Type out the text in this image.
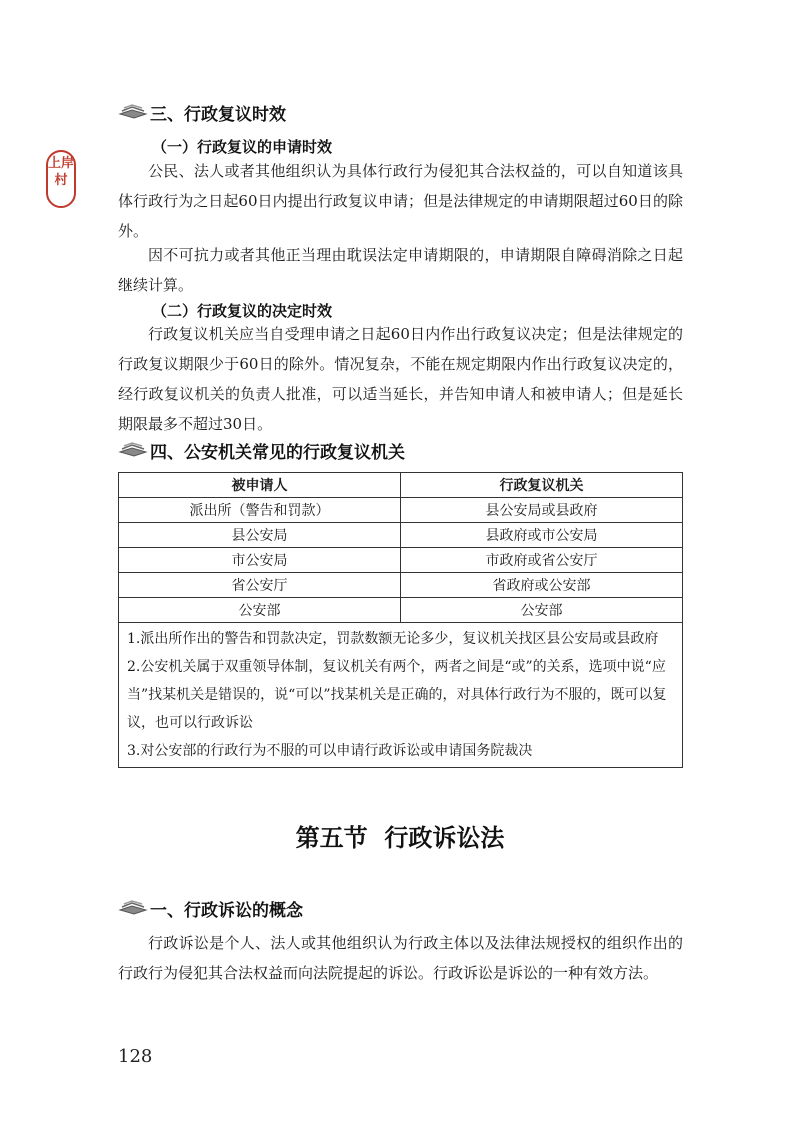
上岸村
三、行政复议时效
（一）行政复议的申请时效
公民、法人或者其他组织认为具体行政行为侵犯其合法权益的，可以自知道该具体行政行为之日起60日内提出行政复议申请；但是法律规定的申请期限超过60日的除外。
因不可抗力或者其他正当理由耽误法定申请期限的，申请期限自障碍消除之日起继续计算。
（二）行政复议的决定时效
行政复议机关应当自受理申请之日起60日内作出行政复议决定；但是法律规定的行政复议期限少于60日的除外。情况复杂，不能在规定期限内作出行政复议决定的，经行政复议机关的负责人批准，可以适当延长，并告知申请人和被申请人；但是延长期限最多不超过30日。
四、公安机关常见的行政复议机关
被申请人	行政复议机关
派出所（警告和罚款）	县公安局或县政府
县公安局	县政府或市公安局
市公安局	市政府或省公安厅
省公安厅	省政府或公安部
公安部	公安部

1.派出所作出的警告和罚款决定，罚款数额无论多少，复议机关找区县公安局或县政府
2.公安机关属于双重领导体制，复议机关有两个，两者之间是“或”的关系，选项中说“应当”找某机关是错误的，说“可以”找某机关是正确的，对具体行政行为不服的，既可以复议，也可以行政诉讼
3.对公安部的行政行为不服的可以申请行政诉讼或申请国务院裁决	
第五节  行政诉讼法
一、行政诉讼的概念
行政诉讼是个人、法人或其他组织认为行政主体以及法律法规授权的组织作出的行政行为侵犯其合法权益而向法院提起的诉讼。行政诉讼是诉讼的一种有效方法。
128
